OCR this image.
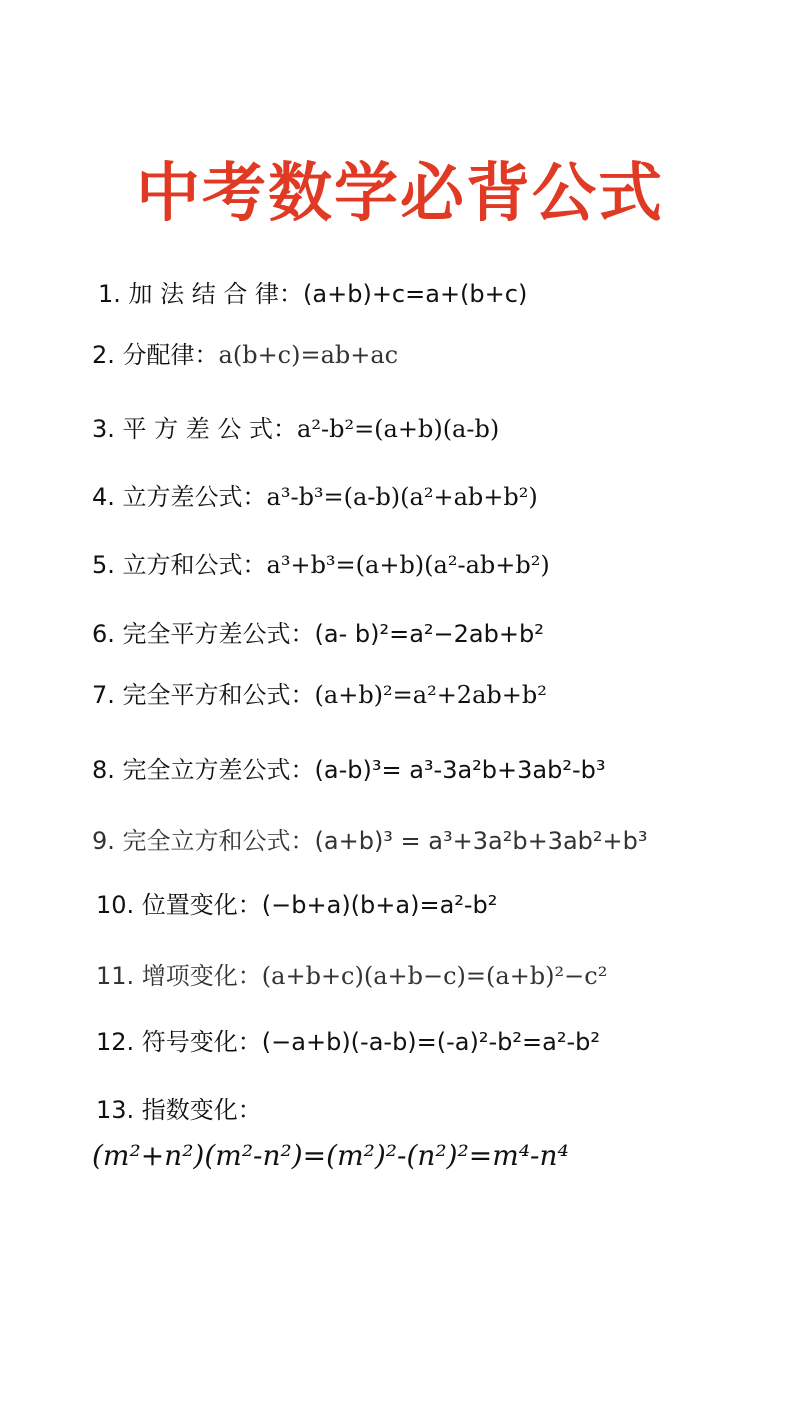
中考数学必背公式
1. 加 法 结 合 律：(a+b)+c=a+(b+c)
2. 分配律：a(b+c)=ab+ac
3. 平 方 差 公 式：a²-b²=(a+b)(a-b)
4. 立方差公式：a³-b³=(a-b)(a²+ab+b²)
5. 立方和公式：a³+b³=(a+b)(a²-ab+b²)
6. 完全平方差公式：(a- b)²=a²−2ab+b²
7. 完全平方和公式：(a+b)²=a²+2ab+b²
8. 完全立方差公式：(a-b)³= a³-3a²b+3ab²-b³
9. 完全立方和公式：(a+b)³ = a³+3a²b+3ab²+b³
10. 位置变化：(−b+a)(b+a)=a²-b²
11. 增项变化：(a+b+c)(a+b−c)=(a+b)²−c²
12. 符号变化：(−a+b)(-a-b)=(-a)²-b²=a²-b²
13. 指数变化：
(m²+n²)(m²-n²)=(m²)²-(n²)²=m⁴-n⁴
